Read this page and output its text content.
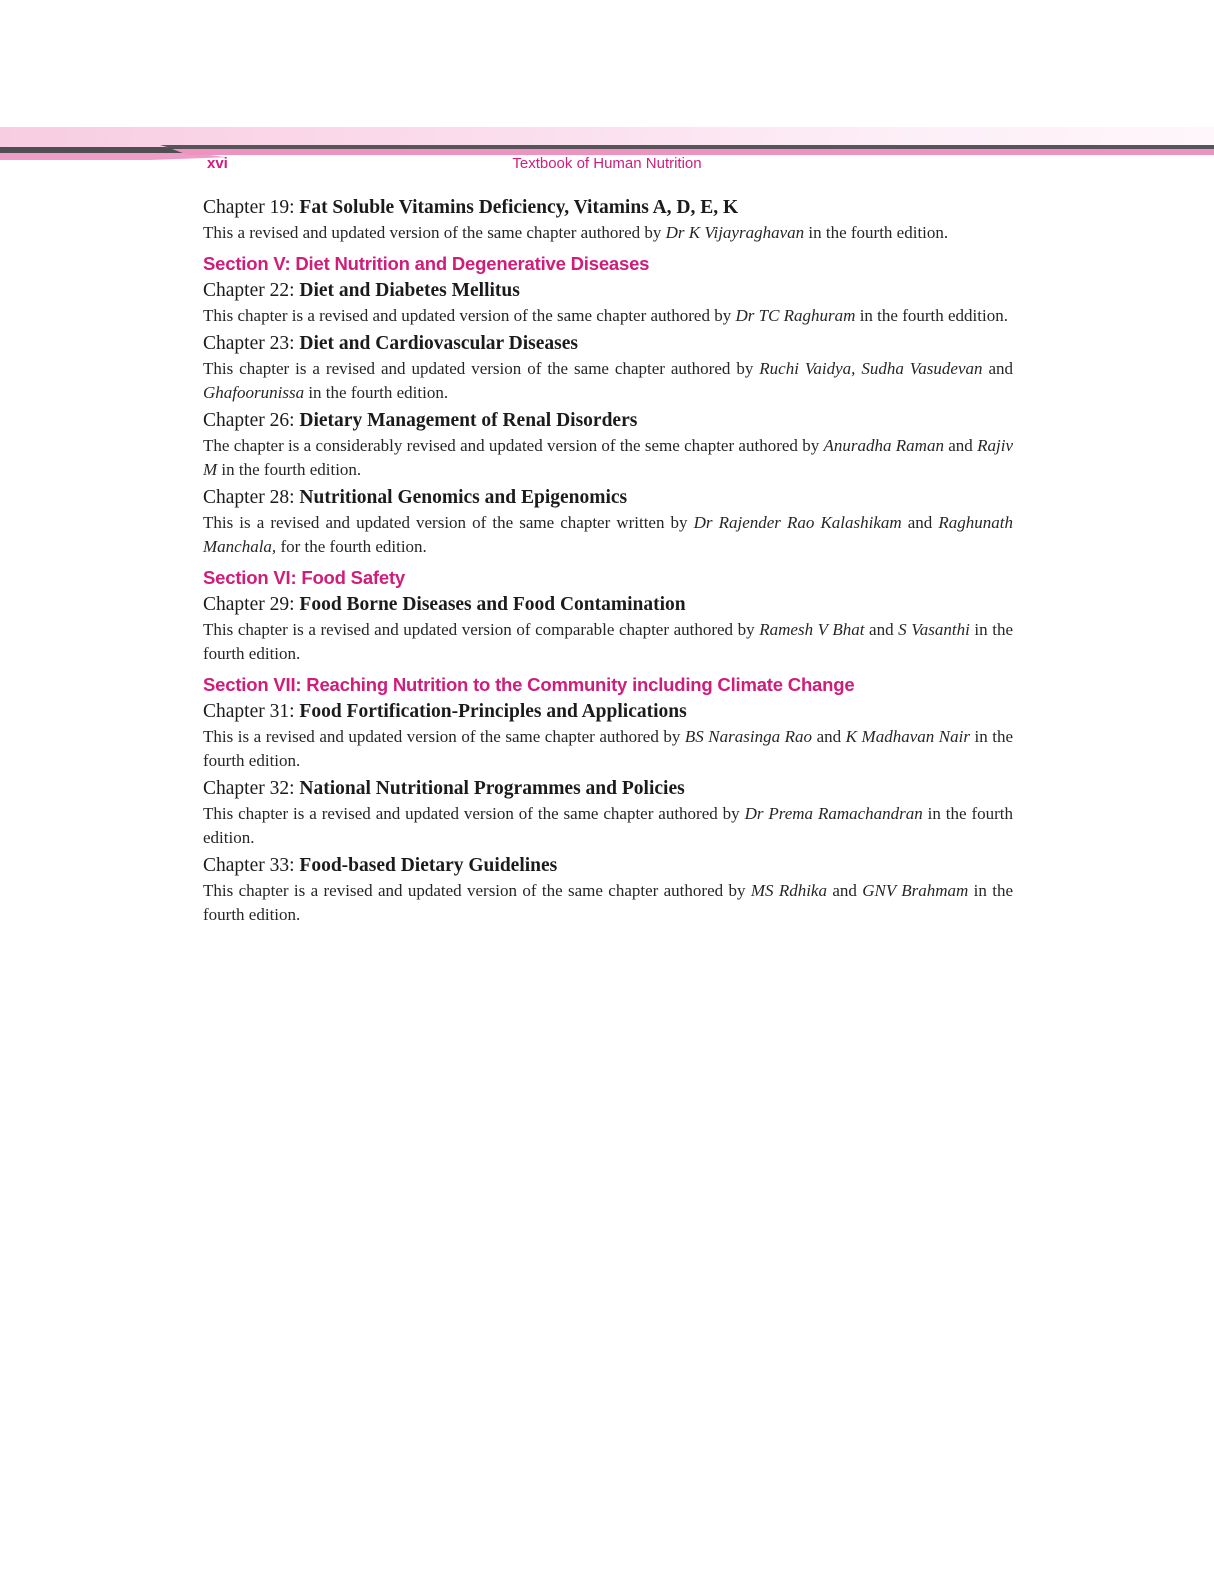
xvi	Textbook of Human Nutrition
Chapter 19: Fat Soluble Vitamins Deficiency, Vitamins A, D, E, K

This a revised and updated version of the same chapter authored by Dr K Vijayraghavan in the fourth edition.

Section V: Diet Nutrition and Degenerative Diseases
Chapter 22: Diet and Diabetes Mellitus

This chapter is a revised and updated version of the same chapter authored by Dr TC Raghuram in the fourth eddition.

Chapter 23: Diet and Cardiovascular Diseases

This chapter is a revised and updated version of the same chapter authored by Ruchi Vaidya, Sudha Vasudevan and Ghafoorunissa in the fourth edition.

Chapter 26: Dietary Management of Renal Disorders

The chapter is a considerably revised and updated version of the seme chapter authored by Anuradha Raman and Rajiv M in the fourth edition.

Chapter 28: Nutritional Genomics and Epigenomics

This is a revised and updated version of the same chapter written by Dr Rajender Rao Kalashikam and Raghunath Manchala, for the fourth edition.

Section VI: Food Safety
Chapter 29: Food Borne Diseases and Food Contamination

This chapter is a revised and updated version of comparable chapter authored by Ramesh V Bhat and S Vasanthi in the fourth edition.

Section VII: Reaching Nutrition to the Community including Climate Change
Chapter 31: Food Fortification-Principles and Applications

This is a revised and updated version of the same chapter authored by BS Narasinga Rao and K Madhavan Nair in the fourth edition.

Chapter 32: National Nutritional Programmes and Policies

This chapter is a revised and updated version of the same chapter authored by Dr Prema Ramachandran in the fourth edition.

Chapter 33: Food-based Dietary Guidelines

This chapter is a revised and updated version of the same chapter authored by MS Rdhika and GNV Brahmam in the fourth edition.
